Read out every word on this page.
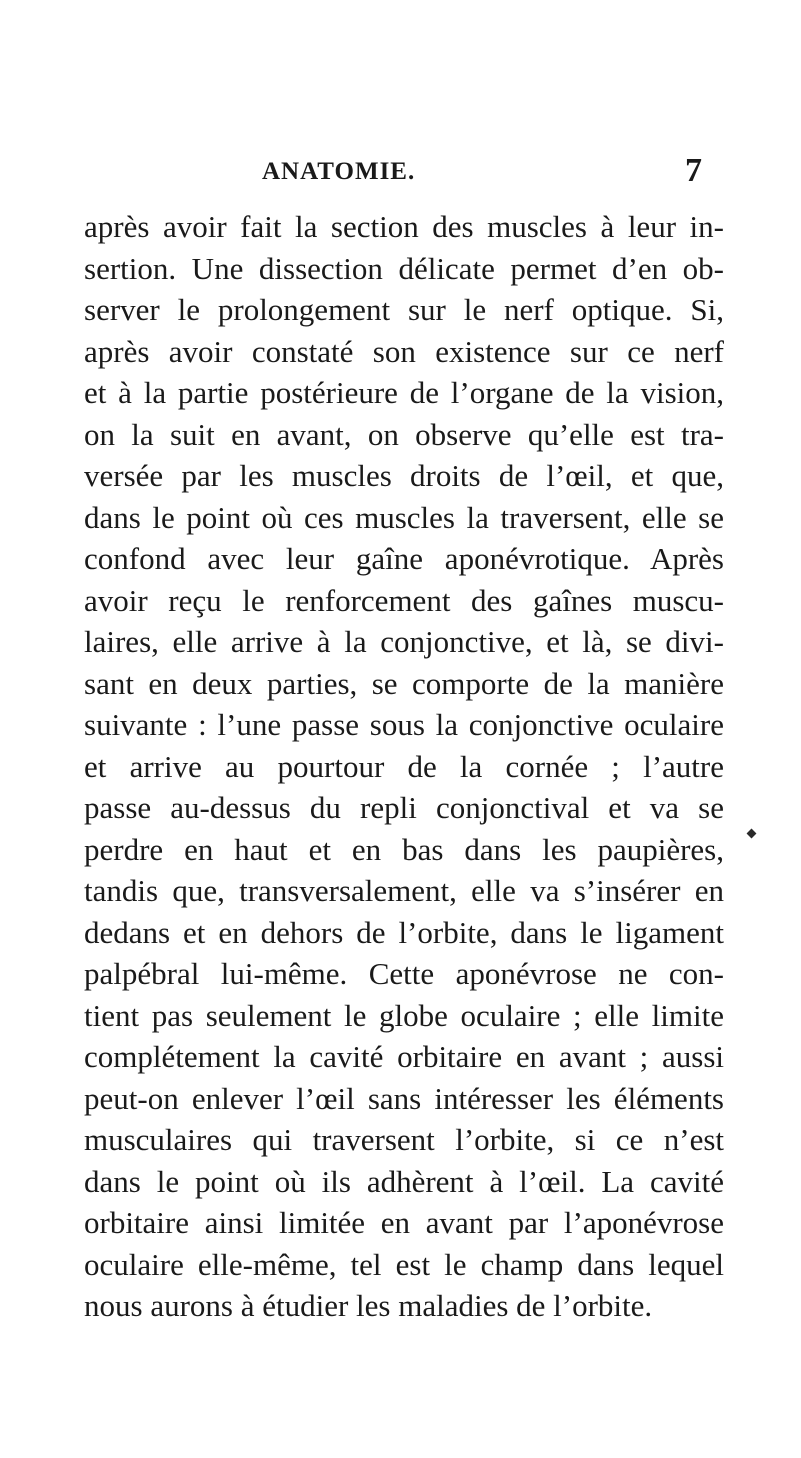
ANATOMIE.	7
après avoir fait la section des muscles à leur in-
sertion. Une dissection délicate permet d’en ob-
server le prolongement sur le nerf optique. Si,
après avoir constaté son existence sur ce nerf
et à la partie postérieure de l’organe de la vision,
on la suit en avant, on observe qu’elle est tra-
versée par les muscles droits de l’œil, et que,
dans le point où ces muscles la traversent, elle se
confond avec leur gaîne aponévrotique. Après
avoir reçu le renforcement des gaînes muscu-
laires, elle arrive à la conjonctive, et là, se divi-
sant en deux parties, se comporte de la manière
suivante : l’une passe sous la conjonctive oculaire
et arrive au pourtour de la cornée ; l’autre
passe au-dessus du repli conjonctival et va se
perdre en haut et en bas dans les paupières,
tandis que, transversalement, elle va s’insérer en
dedans et en dehors de l’orbite, dans le ligament
palpébral lui-même. Cette aponévrose ne con-
tient pas seulement le globe oculaire ; elle limite
complétement la cavité orbitaire en avant ; aussi
peut-on enlever l’œil sans intéresser les éléments
musculaires qui traversent l’orbite, si ce n’est
dans le point où ils adhèrent à l’œil. La cavité
orbitaire ainsi limitée en avant par l’aponévrose
oculaire elle-même, tel est le champ dans lequel
nous aurons à étudier les maladies de l’orbite.
